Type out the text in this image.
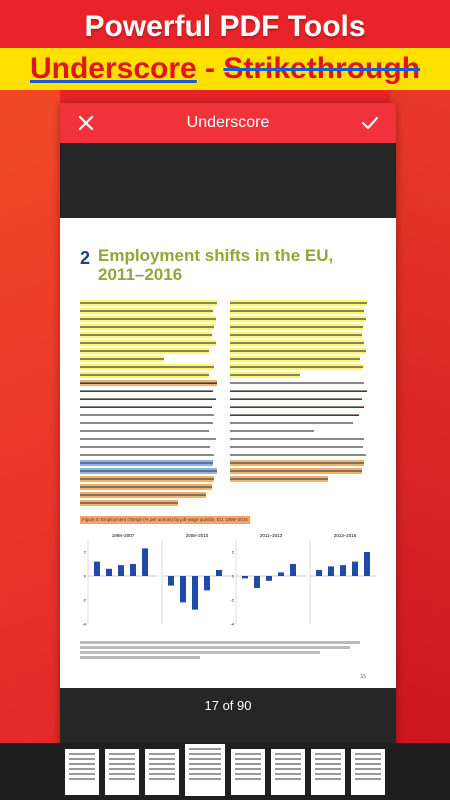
Powerful PDF Tools
Underscore - Strikethrough
Underscore
2 Employment shifts in the EU, 2011–2016
Figure 5: Employment change (% per annum) by job-wage quintile, EU, 1998–2016
1998–2007
2
0
-2
-4
2008–2010	2011–2013
2
0
-2
-4
2013–2016
15
17 of 90
